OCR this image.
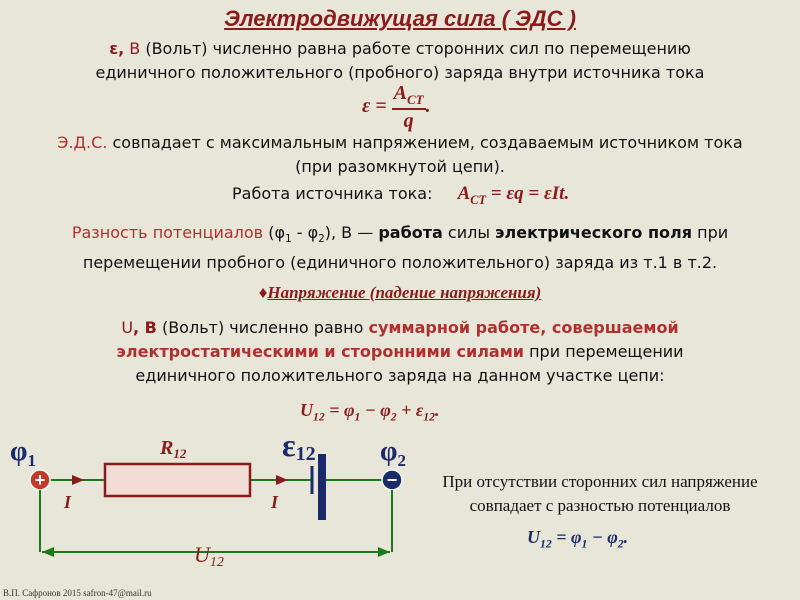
Электродвижущая сила ( ЭДС )
ε, В (Вольт) численно равна работе сторонних сил по перемещению
единичного положительного (пробного) заряда внутри источника тока
$\varepsilon = \frac{A_{СТ}}{q}$ .
Э.Д.С. совпадает с максимальным напряжением, создаваемым источником тока
(при разомкнутой цепи).
Работа источника тока: $A_{СТ} = \varepsilon q = \varepsilon It$.
Разность потенциалов $(\varphi_1 - \varphi_2)$, В — работа силы электрического поля при
перемещении пробного (единичного положительного) заряда из т.1 в т.2.
♦Напряжение (падение напряжения)
U, В (Вольт) численно равно суммарной работе, совершаемой
электростатическими и сторонними силами при перемещении
единичного положительного заряда на данном участке цепи:
$U_{12} = \varphi_1 - \varphi_2 + \varepsilon_{12}$.
+	−
$\varphi_1$	$\varphi_2$
$R_{12}$	ε12
I	I
U12
При отсутствии сторонних сил напряжение
совпадает с разностью потенциалов
$U_{12} = \varphi_1 - \varphi_2$.
В.П. Сафронов 2015 safron-47@mail.ru
